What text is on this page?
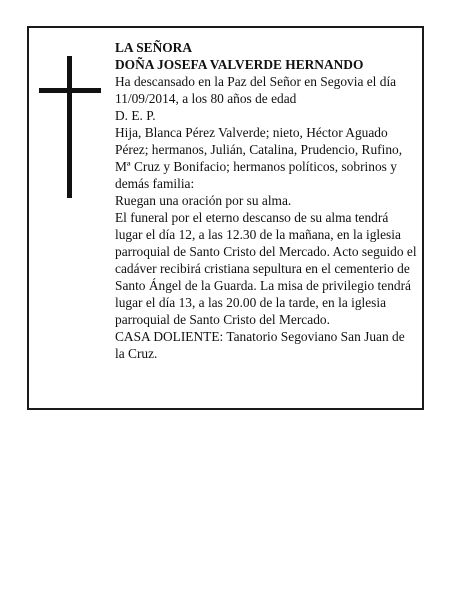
LA SEÑORA

DOÑA JOSEFA VALVERDE HERNANDO

Ha descansado en la Paz del Señor en Segovia el día 11/09/2014, a los 80 años de edad

D. E. P.

Hija, Blanca Pérez Valverde; nieto, Héctor Aguado Pérez; hermanos, Julián, Catalina, Prudencio, Rufino, Mª Cruz y Bonifacio; hermanos políticos, sobrinos y demás familia:

Ruegan una oración por su alma.

El funeral por el eterno descanso de su alma tendrá lugar el día 12, a las 12.30 de la mañana, en la iglesia parroquial de Santo Cristo del Mercado. Acto seguido el cadáver recibirá cristiana sepultura en el cementerio de Santo Ángel de la Guarda. La misa de privilegio tendrá lugar el día 13, a las 20.00 de la tarde, en la iglesia parroquial de Santo Cristo del Mercado.

CASA DOLIENTE: Tanatorio Segoviano San Juan de la Cruz.
